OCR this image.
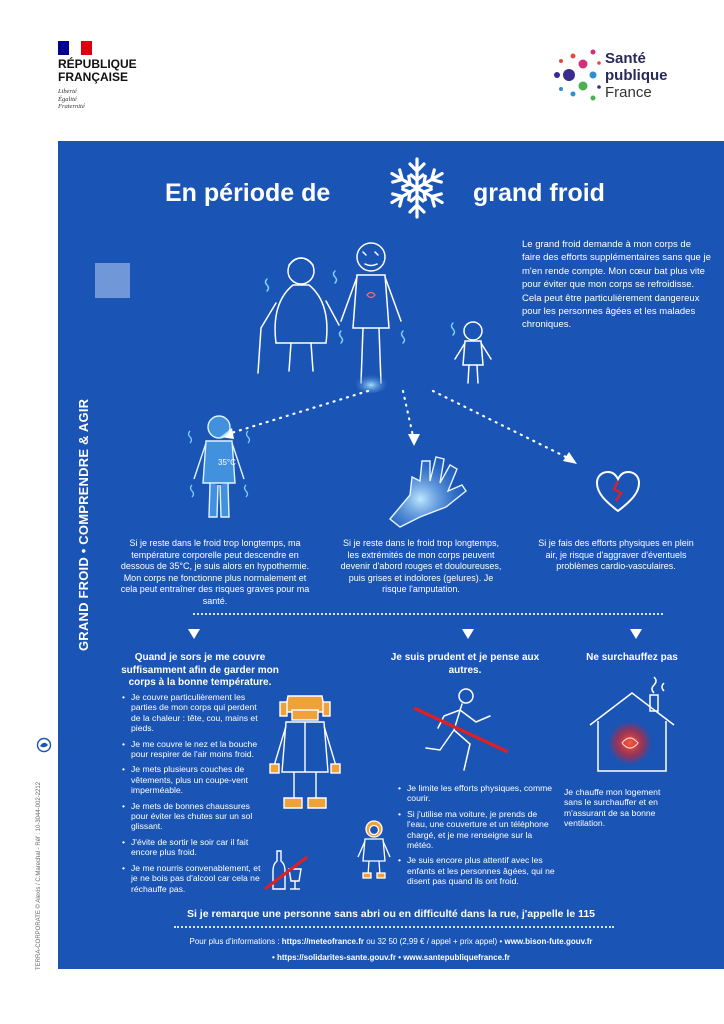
RÉPUBLIQUE
FRANÇAISE
Liberté
Égalité
Fraternité
Santé
publique
France
TERRA-CORPORATE © Alexis / C.Marechal - Réf : 10-3044-002-2212
GRAND FROID • COMPRENDRE & AGIR
En période de	grand froid
Le grand froid demande à mon corps de faire des efforts supplémentaires sans que je m'en rende compte. Mon cœur bat plus vite pour éviter que mon corps se refroidisse. Cela peut être particulièrement dangereux pour les personnes âgées et les malades chroniques.
35°C
Si je reste dans le froid trop longtemps, ma température corporelle peut descendre en dessous de 35°C, je suis alors en hypothermie. Mon corps ne fonctionne plus normalement et cela peut entraîner des risques graves pour ma santé.
Si je reste dans le froid trop longtemps, les extrémités de mon corps peuvent devenir d'abord rouges et douloureuses, puis grises et indolores (gelures). Je risque l'amputation.
Si je fais des efforts physiques en plein air, je risque d'aggraver d'éventuels problèmes cardio-vasculaires.
Quand je sors je me couvre suffisamment afin de garder mon corps à la bonne température.
• Je couvre particulièrement les parties de mon corps qui perdent de la chaleur : tête, cou, mains et pieds.
• Je me couvre le nez et la bouche pour respirer de l'air moins froid.
• Je mets plusieurs couches de vêtements, plus un coupe-vent imperméable.
• Je mets de bonnes chaussures pour éviter les chutes sur un sol glissant.
• J'évite de sortir le soir car il fait encore plus froid.
• Je me nourris convenablement, et je ne bois pas d'alcool car cela ne réchauffe pas.
Je suis prudent et je pense aux autres.
• Je limite les efforts physiques, comme courir.
• Si j'utilise ma voiture, je prends de l'eau, une couverture et un téléphone chargé, et je me renseigne sur la météo.
• Je suis encore plus attentif avec les enfants et les personnes âgées, qui ne disent pas quand ils ont froid.
Ne surchauffez pas
Je chauffe mon logement sans le surchauffer et en m'assurant de sa bonne ventilation.
Si je remarque une personne sans abri ou en difficulté dans la rue, j'appelle le 115
Pour plus d'informations : https://meteofrance.fr ou 32 50 (2,99 € / appel + prix appel) • www.bison-fute.gouv.fr
• https://solidarites-sante.gouv.fr • www.santepubliquefrance.fr
